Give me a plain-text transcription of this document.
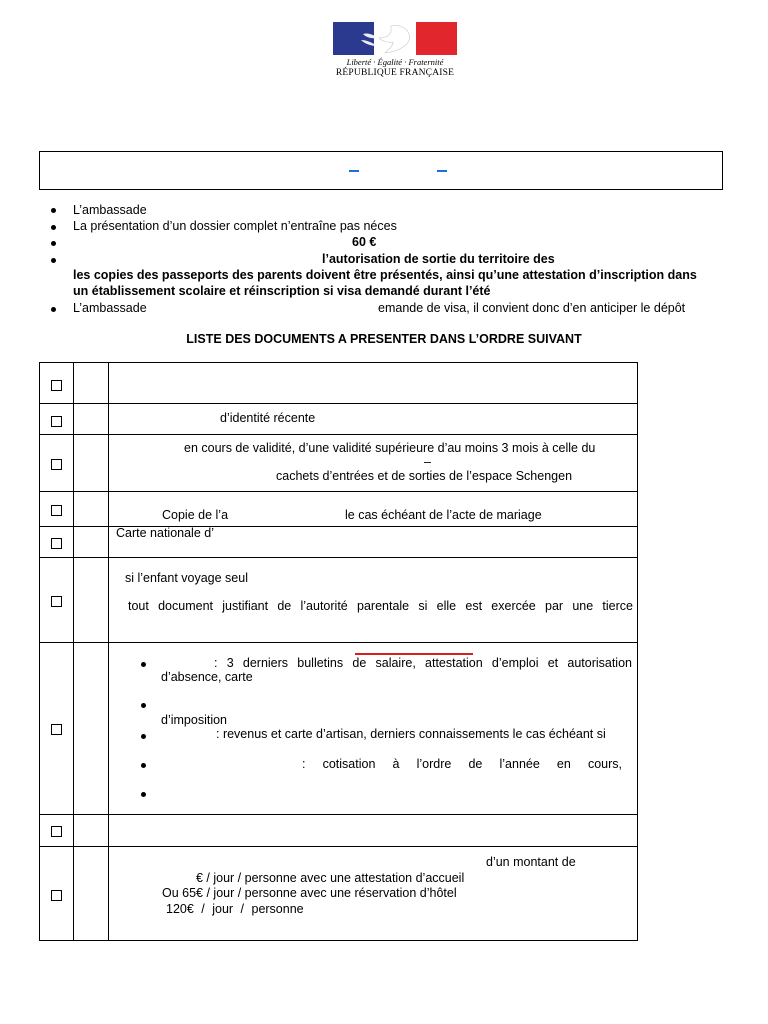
Liberté · Égalité · Fraternité
RÉPUBLIQUE FRANÇAISE
L’ambassade
La présentation d’un dossier complet n’entraîne pas néces
60 €
l’autorisation de sortie du territoire des
les copies des passeports des parents doivent être présentés, ainsi qu’une attestation d’inscription dans
un établissement scolaire et réinscription si visa demandé durant l’été
L’ambassade	emande de visa, il convient donc d’en anticiper le dépôt
LISTE DES DOCUMENTS A PRESENTER DANS L’ORDRE SUIVANT
d’identité récente
en cours de validité, d’une validité supérieure d’au moins 3 mois à celle du
–
cachets d’entrées et de sorties de l’espace Schengen
Copie de l’a	le cas échéant de l’acte de mariage
Carte nationale d’
si l’enfant voyage seul
tout document justifiant de l’autorité parentale si elle est exercée par une tierce
: 3 derniers bulletins de salaire, attestation d’emploi et autorisation
d’absence, carte
d’imposition
: revenus et carte d’artisan, derniers connaissements le cas échéant si
: cotisation à l’ordre de l’année en cours,
d’un montant de
€ / jour / personne avec une attestation d’accueil
Ou 65€ / jour / personne avec une réservation d’hôtel
120€ / jour / personne
